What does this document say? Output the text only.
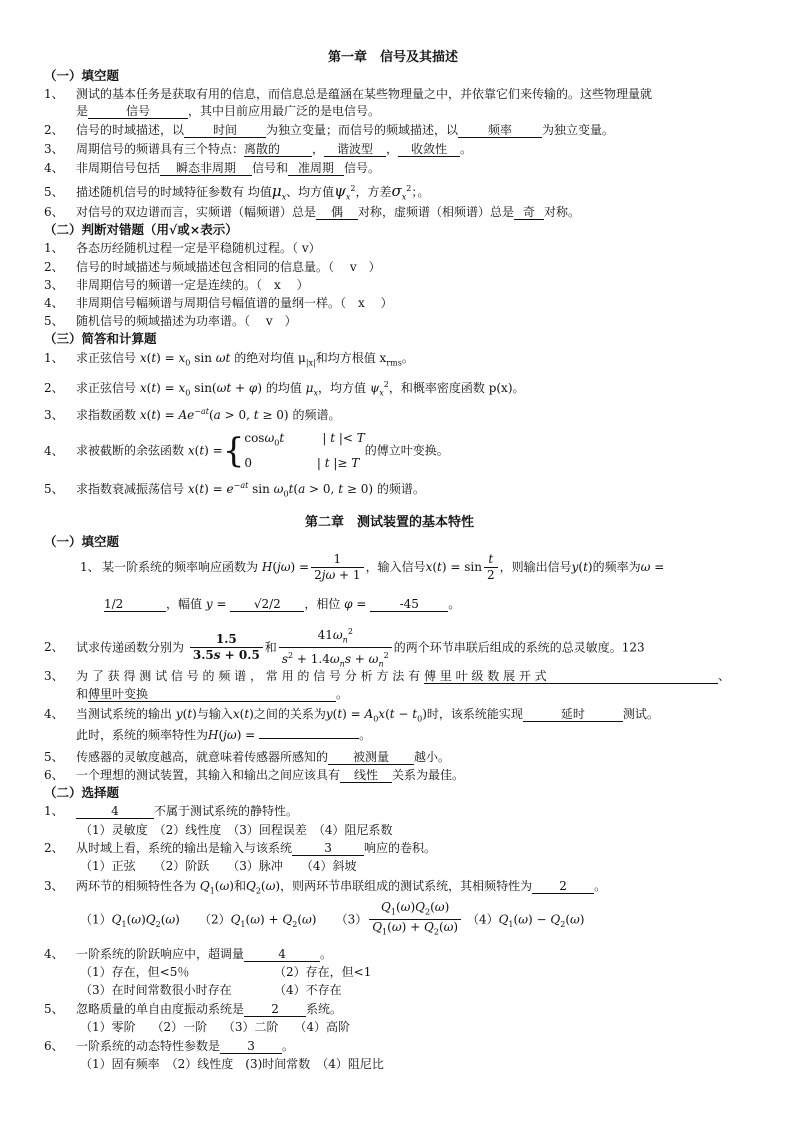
第一章　信号及其描述
（一）填空题
1、 测试的基本任务是获取有用的信息，而信息总是蕴涵在某些物理量之中，并依靠它们来传输的。这些物理量就
是	信号	，其中目前应用最广泛的是电信号。
2、 信号的时域描述，以 时间 为独立变量；而信号的频域描述，以 频率	为独立变量。
3、 周期信号的频谱具有三个特点：离散的	， 谐波型 ， 收敛性 。
4、 非周期信号包括 瞬态非周期 信号和 准周期 信号。
5、 描述随机信号的时域特征参数有 均值$\mu_x$、均方值$\psi_x^2$，方差$\sigma_x^2$；。
6、 对信号的双边谱而言，实频谱（幅频谱）总是 偶 对称，虚频谱（相频谱）总是 奇 对称。
（二）判断对错题（用√或×表示）
1、 各态历经随机过程一定是平稳随机过程。（ v）
2、 信号的时域描述与频域描述包含相同的信息量。（　 v　）
3、 非周期信号的频谱一定是连续的。（　x　 ）
4、 非周期信号幅频谱与周期信号幅值谱的量纲一样。（　x　 ）
5、 随机信号的频域描述为功率谱。（　 v　）
（三）简答和计算题
1、 求正弦信号 $x(t) = x_0$ sin ωt 的绝对均值 $\mu_{|x|}$和均方根值 $x_{rms}$。
2、 求正弦信号 $x(t) = x_0$ sin(ωt + φ) 的均值 $\mu_x$，均方值 $\psi_x^2$，和概率密度函数 p(x)。
3、 求指数函数 $x(t) = Ae^{-at}(a > 0$, t ≥ 0) 的频谱。
4、 求被截断的余弦函数 x(t) ={ cosω$_0$t          | t |< T
0                 | t |≥ T
的傅立叶变换。
5、 求指数衰减振荡信号 $x(t) = e^{-at}$ $\sin \omega_0t(a > 0$, t ≥ 0) 的频谱。
第二章　测试装置的基本特性
（一）填空题
1、 某一阶系统的频率响应函数为 $H(j\omega) = \frac{1}{2j\omega + 1}$ ，输入信号$x(t) = \sin \frac{t}{2}$ ，则输出信号y(t)的频率为ω =
1/2	，幅值 y = √2/2 ，相位 φ = -45 。
2、 试求传递函数分别为 $\frac{1.5}{3.5s + 0.5}$ 和 $\frac{41\omega_n^2}{s^2 + 1.4\omega_ns + \omega_n^2}$ 的两个环节串联后组成的系统的总灵敏度。123
3、 为 了 获 得 测 试 信 号 的 频 谱 ， 常 用 的 信 号 分 析 方 法 有 傅 里 叶 级 数 展 开 式	、
和傅里叶变换	。
4、 当测试系统的输出 y(t)与输入x(t)之间的关系为$y(t) = A_0x(t - t_0)$时，该系统能实现	延时	测试。
此时，系统的频率特性为H(jω) =	。
5、 传感器的灵敏度越高，就意味着传感器所感知的 被测量 越小。
6、 一个理想的测试装置，其输入和输出之间应该具有 线性 关系为最佳。
（二）选择题
1、	4	不属于测试系统的静特性。
（1）灵敏度　（2）线性度　（3）回程误差　（4）阻尼系数
2、 从时域上看，系统的输出是输入与该系统	3	响应的卷积。
（1）正弦　　（2）阶跃　　（3）脉冲　　（4）斜坡
3、 两环节的相频特性各为 $Q_1(\omega)$和$Q_2(\omega)$，则两环节串联组成的测试系统，其相频特性为 2 。
$(1)Q_1(\omega)Q_2(\omega)$     $(2)Q_1(\omega) + Q_2(\omega)$     $(3) \frac{Q_1(\omega)Q_2(\omega)}{Q_1(\omega) + Q_2(\omega)} (4)Q_1(\omega) - Q_2(\omega)$
4、 一阶系统的阶跃响应中，超调量	4	。
（1）存在，但<5％	（2）存在，但<1
（3）在时间常数很小时存在	（4）不存在
5、 忽略质量的单自由度振动系统是 2 系统。
（1）零阶　 （2）一阶　 （3）二阶　 （4）高阶
6、 一阶系统的动态特性参数是 3 。
（1）固有频率　（2）线性度　(3)时间常数　（4）阻尼比
